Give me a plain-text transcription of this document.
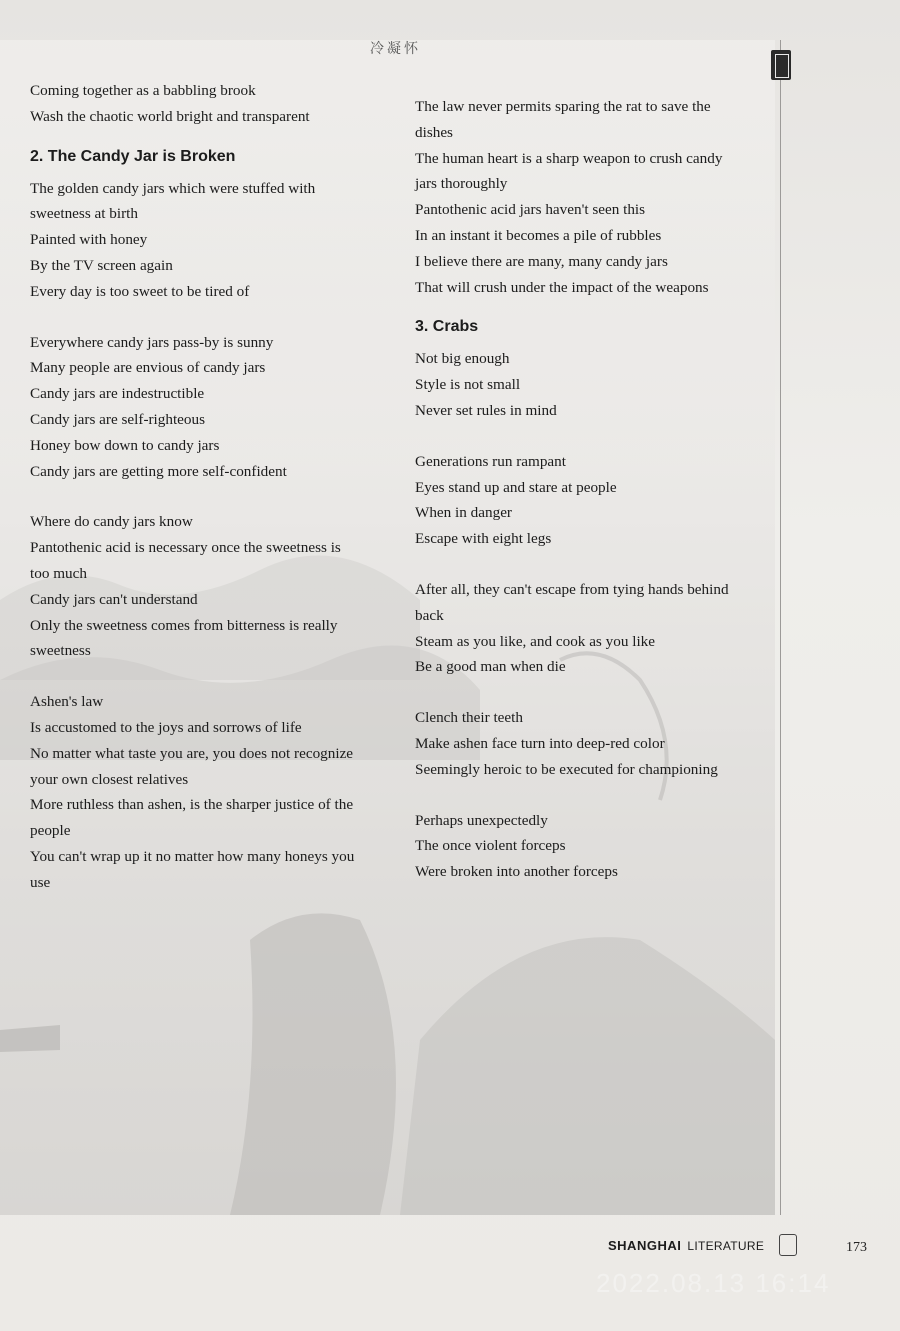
冷凝怀

Coming together as a babbling brook

Wash the chaotic world bright and transparent

2. The Candy Jar is Broken

The golden candy jars which were stuffed with

sweetness at birth

Painted with honey

By the TV screen again

Every day is too sweet to be tired of

Everywhere candy jars pass-by is sunny

Many people are envious of candy jars

Candy jars are indestructible

Candy jars are self-righteous

Honey bow down to candy jars

Candy jars are getting more self-confident

Where do candy jars know

Pantothenic acid is necessary once the sweetness is

too much

Candy jars can't understand

Only the sweetness comes from bitterness is really

sweetness

Ashen's law

Is accustomed to the joys and sorrows of life

No matter what taste you are, you does not recognize

your own closest relatives

More ruthless than ashen, is the sharper justice of the

people

You can't wrap up it no matter how many honeys you

use

The law never permits sparing the rat to save the

dishes

The human heart is a sharp weapon to crush candy

jars thoroughly

Pantothenic acid jars haven't seen this

In an instant it becomes a pile of rubbles

I believe there are many, many candy jars

That will crush under the impact of the weapons

3. Crabs

Not big enough

Style is not small

Never set rules in mind

Generations run rampant

Eyes stand up and stare at people

When in danger

Escape with eight legs

After all, they can't escape from tying hands behind

back

Steam as you like, and cook as you like

Be a good man when die

Clench their teeth

Make ashen face turn into deep-red color

Seemingly heroic to be executed for championing

Perhaps unexpectedly

The once violent forceps

Were broken into another forceps

SHANGHAI LITERATURE	173
2022.08.13 16:14
